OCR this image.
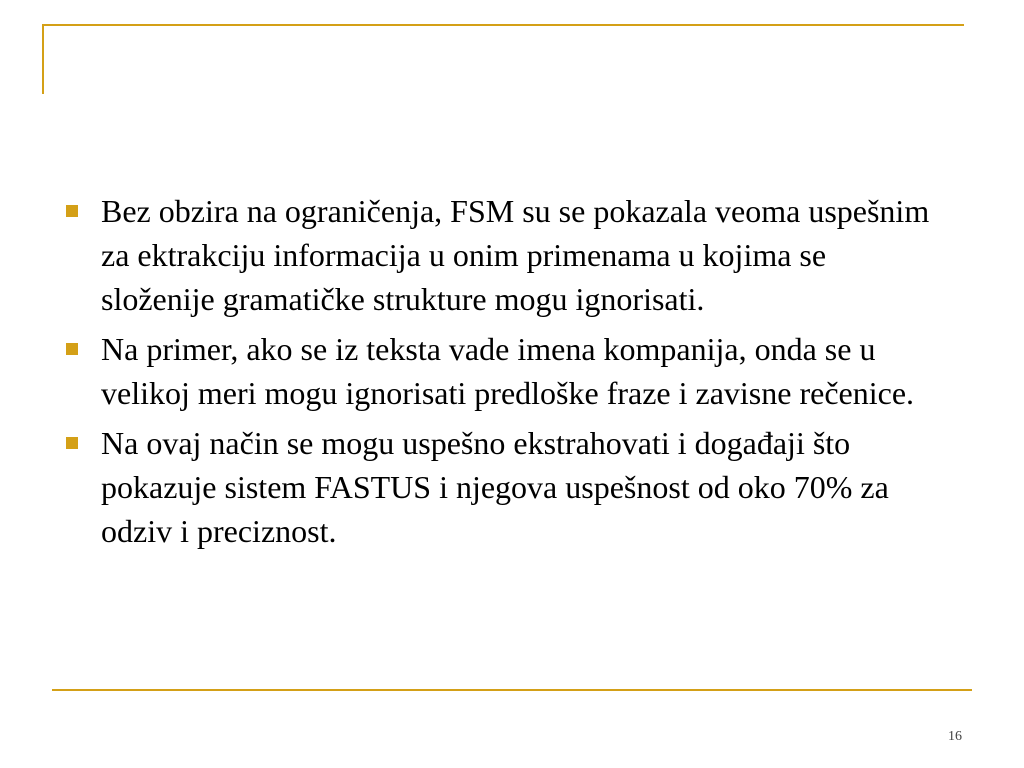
Bez obzira na ograničenja, FSM su se pokazala veoma uspešnim za ektrakciju informacija u onim primenama u kojima se složenije gramatičke strukture mogu ignorisati.
Na primer, ako se iz teksta vade imena kompanija, onda se u velikoj meri mogu ignorisati predloške fraze i zavisne rečenice.
Na ovaj način se mogu uspešno ekstrahovati i događaji što pokazuje sistem FASTUS i njegova uspešnost od oko 70% za odziv i preciznost.
16
